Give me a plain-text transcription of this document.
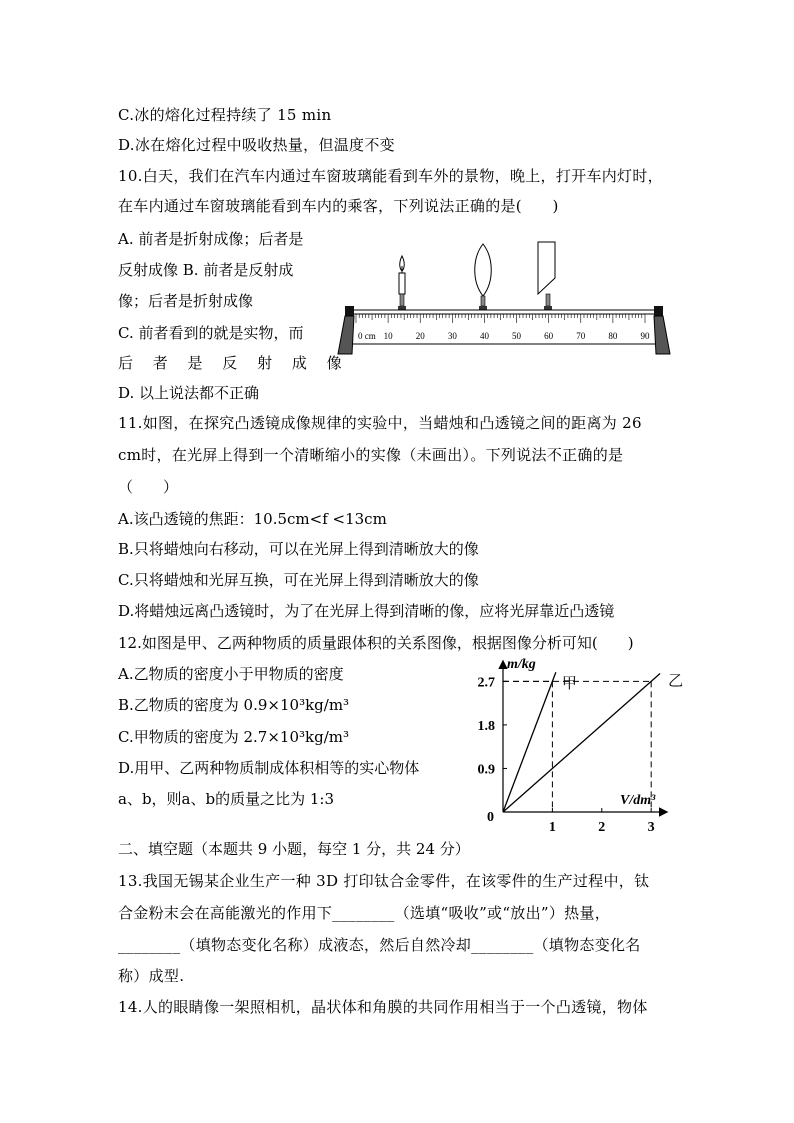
C.冰的熔化过程持续了 15 min
D.冰在熔化过程中吸收热量，但温度不变
10.白天，我们在汽车内通过车窗玻璃能看到车外的景物，晚上，打开车内灯时，
在车内通过车窗玻璃能看到车内的乘客，下列说法正确的是(　　)
A. 前者是折射成像；后者是
反射成像 B. 前者是反射成
像；后者是折射成像
C. 前者看到的就是实物，而
后 者 是 反 射 成 像
D. 以上说法都不正确
0 cm 10	20	30	40	50	60	70	80	90
11.如图，在探究凸透镜成像规律的实验中，当蜡烛和凸透镜之间的距离为 26
cm时，在光屏上得到一个清晰缩小的实像（未画出）。下列说法不正确的是
（　　）
A.该凸透镜的焦距：10.5cm<f <13cm
B.只将蜡烛向右移动，可以在光屏上得到清晰放大的像
C.只将蜡烛和光屏互换，可在光屏上得到清晰放大的像
D.将蜡烛远离凸透镜时，为了在光屏上得到清晰的像，应将光屏靠近凸透镜
12.如图是甲、乙两种物质的质量跟体积的关系图像，根据图像分析可知(　　)
A.乙物质的密度小于甲物质的密度
B.乙物质的密度为 0.9×10³kg/m³
C.甲物质的密度为 2.7×10³kg/m³
D.用甲、乙两种物质制成体积相等的实心物体
a、b，则a、b的质量之比为 1:3
甲	乙
0.9
1.8
2.7
1	2	3
0
m/kg
V/dm³
二、填空题（本题共 9 小题，每空 1 分，共 24 分）
13.我国无锡某企业生产一种 3D 打印钛合金零件，在该零件的生产过程中，钛
合金粉末会在高能激光的作用下________（选填“吸收”或“放出”）热量，
________（填物态变化名称）成液态，然后自然冷却________（填物态变化名
称）成型.
14.人的眼睛像一架照相机，晶状体和角膜的共同作用相当于一个凸透镜，物体
